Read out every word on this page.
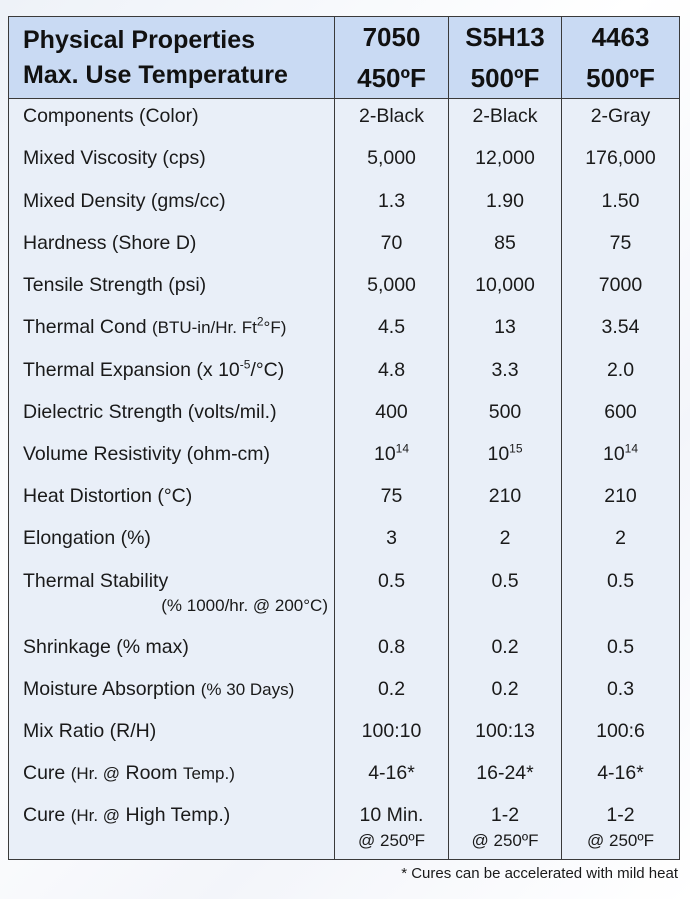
Physical Properties
Max. Use Temperature
7050
450ºF
S5H13
500ºF
4463
500ºF
Components (Color)
Mixed Viscosity (cps)
Mixed Density (gms/cc)
Hardness (Shore D)
Tensile Strength (psi)
Thermal Cond (BTU-in/Hr. Ft$^2$°F)
Thermal Expansion (x $10^{-5}/^\circ C$)
Dielectric Strength (volts/mil.)
Volume Resistivity (ohm-cm)
Heat Distortion (°C)
Elongation (%)
Thermal Stability
(% 1000/hr. @ 200°C)
Shrinkage (% max)
Moisture Absorption (% 30 Days)
Mix Ratio (R/H)
Cure (Hr. @ Room Temp.)
Cure (Hr. @ High Temp.)
2-Black
5,000
1.3
70
5,000
4.5
4.8
400
$10^{14}$
75
3
0.5
0.8
0.2
100:10
4-16*
10 Min.
@ 250ºF
2-Black
12,000
1.90
85
10,000
13
3.3
500
$10^{15}$
210
2
0.5
0.2
0.2
100:13
16-24*
1-2
@ 250ºF
2-Gray
176,000
1.50
75
7000
3.54
2.0
600
$10^{14}$
210
2
0.5
0.5
0.3
100:6
4-16*
1-2
@ 250ºF
* Cures can be accelerated with mild heat
